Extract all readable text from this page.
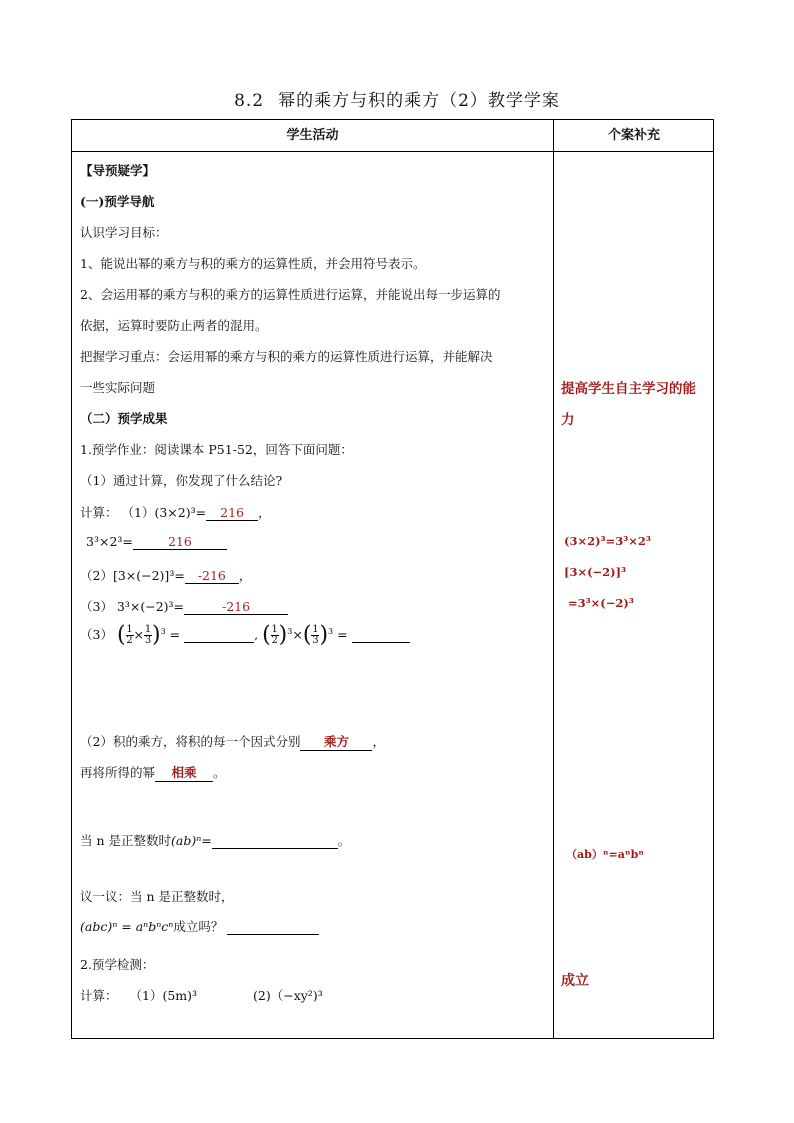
8.2 幂的乘方与积的乘方（2）教学学案
学生活动	个案补充
【导预疑学】
(一)预学导航
认识学习目标：
1、能说出幂的乘方与积的乘方的运算性质，并会用符号表示。
2、会运用幂的乘方与积的乘方的运算性质进行运算，并能说出每一步运算的
依据，运算时要防止两者的混用。
把握学习重点：会运用幂的乘方与积的乘方的运算性质进行运算，并能解决
一些实际问题
（二）预学成果
1.预学作业：阅读课本 P51-52，回答下面问题：
（1）通过计算，你发现了什么结论?
计算： （1）(3×2)³= 216 ，
3³×2³=	216
（2）[3×(−2)]³= -216 ，
（3） 3³×(−2)³=	-216
（3） ( $\frac{1}{2} \times \frac{1}{3} )^3$ =	, ( $\frac{1}{2} )^3\times( \frac{1}{3} )^3$ =
（2）积的乘方，将积的每一个因式分别 乘方 ，
再将所得的幂 相乘 。
当 n 是正整数时(ab)ⁿ=	。
议一议：当 n 是正整数时，
(abc)ⁿ = aⁿbⁿcⁿ成立吗？
2.预学检测：
计算： （1）(5m)³	(2)（−xy²)³
提高学生自主学习的能
力
(3×2)³=3³×2³
[3×(−2)]³
=3³×(−2)³
（ab）ⁿ=aⁿbⁿ
成立
